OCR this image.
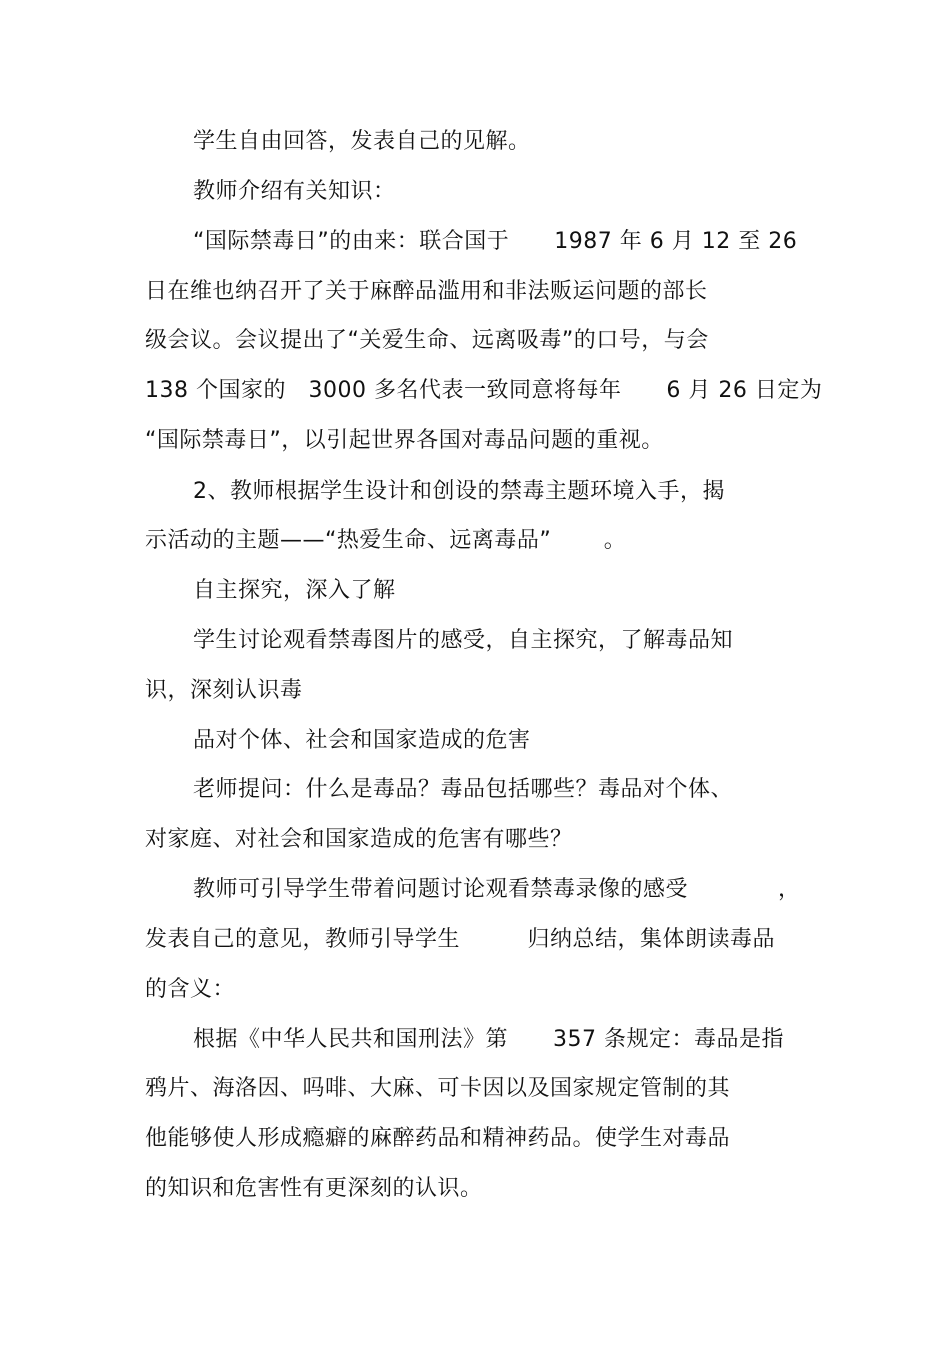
学生自由回答，发表自己的见解。
教师介绍有关知识：
“国际禁毒日”的由来：联合国于      1987 年 6 月 12 至 26
日在维也纳召开了关于麻醉品滥用和非法贩运问题的部长
级会议。会议提出了“关爱生命、远离吸毒”的口号，与会
138 个国家的   3000 多名代表一致同意将每年      6 月 26 日定为
“国际禁毒日”，以引起世界各国对毒品问题的重视。
2、教师根据学生设计和创设的禁毒主题环境入手，揭
示活动的主题——“热爱生命、远离毒品”       。
自主探究，深入了解
学生讨论观看禁毒图片的感受，自主探究，了解毒品知
识，深刻认识毒
品对个体、社会和国家造成的危害
老师提问：什么是毒品？毒品包括哪些？毒品对个体、
对家庭、对社会和国家造成的危害有哪些？
教师可引导学生带着问题讨论观看禁毒录像的感受	，
发表自己的意见，教师引导学生         归纳总结，集体朗读毒品
的含义：
根据《中华人民共和国刑法》第      357 条规定：毒品是指
鸦片、海洛因、吗啡、大麻、可卡因以及国家规定管制的其
他能够使人形成瘾癖的麻醉药品和精神药品。使学生对毒品
的知识和危害性有更深刻的认识。
